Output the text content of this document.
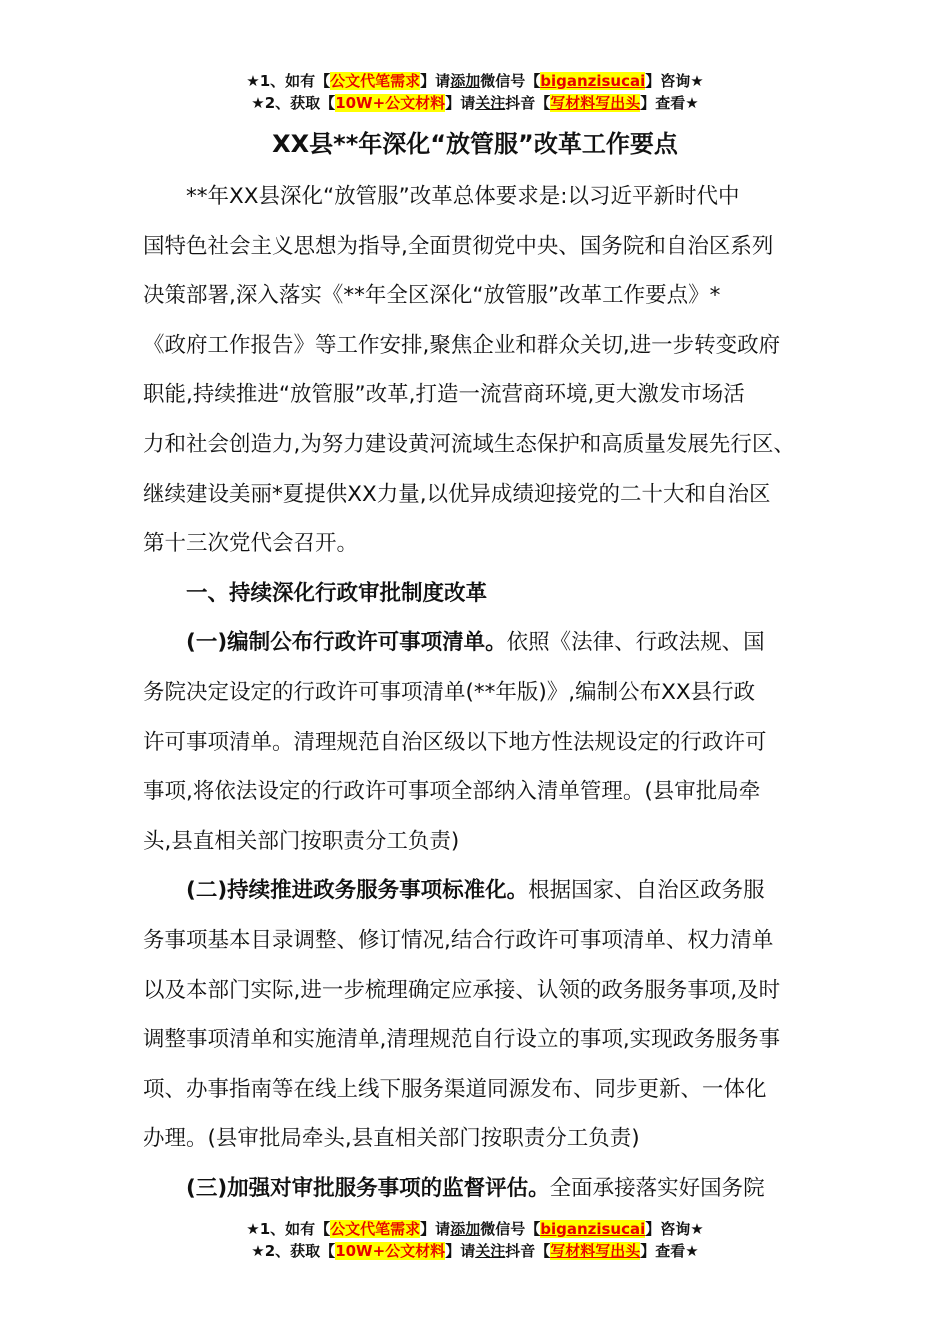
★1、如有【公文代笔需求】请添加微信号【biganzisucai】咨询★
★2、获取【10W+公文材料】请关注抖音【写材料写出头】查看★
XX县**年深化“放管服”改革工作要点

　　**年XX县深化“放管服”改革总体要求是:以习近平新时代中

国特色社会主义思想为指导,全面贯彻党中央、国务院和自治区系列

决策部署,深入落实《**年全区深化“放管服”改革工作要点》*

《政府工作报告》等工作安排,聚焦企业和群众关切,进一步转变政府

职能,持续推进“放管服”改革,打造一流营商环境,更大激发市场活

力和社会创造力,为努力建设黄河流域生态保护和高质量发展先行区、

继续建设美丽*夏提供XX力量,以优异成绩迎接党的二十大和自治区

第十三次党代会召开。

　　一、持续深化行政审批制度改革

　　(一)编制公布行政许可事项清单。依照《法律、行政法规、国

务院决定设定的行政许可事项清单(**年版)》,编制公布XX县行政

许可事项清单。清理规范自治区级以下地方性法规设定的行政许可

事项,将依法设定的行政许可事项全部纳入清单管理。(县审批局牵

头,县直相关部门按职责分工负责)

　　(二)持续推进政务服务事项标准化。根据国家、自治区政务服

务事项基本目录调整、修订情况,结合行政许可事项清单、权力清单

以及本部门实际,进一步梳理确定应承接、认领的政务服务事项,及时

调整事项清单和实施清单,清理规范自行设立的事项,实现政务服务事

项、办事指南等在线上线下服务渠道同源发布、同步更新、一体化

办理。(县审批局牵头,县直相关部门按职责分工负责)

　　(三)加强对审批服务事项的监督评估。全面承接落实好国务院

★1、如有【公文代笔需求】请添加微信号【biganzisucai】咨询★
★2、获取【10W+公文材料】请关注抖音【写材料写出头】查看★
